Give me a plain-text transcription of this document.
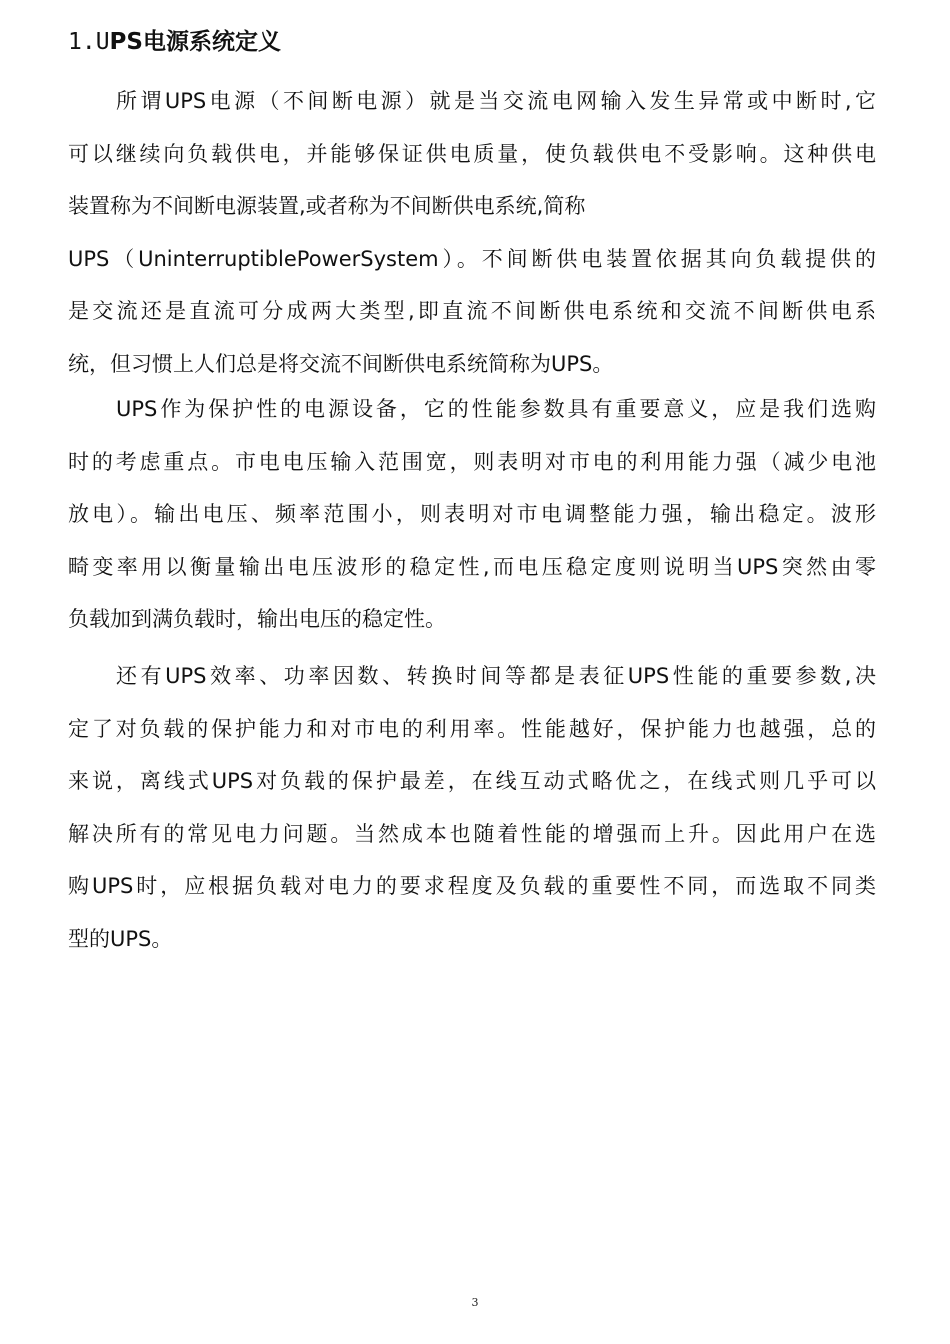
1.UPS电源系统定义
所谓UPS电源（不间断电源）就是当交流电网输入发生异常或中断时,它
可以继续向负载供电，并能够保证供电质量，使负载供电不受影响。这种供电
装置称为不间断电源装置,或者称为不间断供电系统,简称
UPS（UninterruptiblePowerSystem）。不间断供电装置依据其向负载提供的
是交流还是直流可分成两大类型,即直流不间断供电系统和交流不间断供电系
统，但习惯上人们总是将交流不间断供电系统简称为UPS。
UPS作为保护性的电源设备，它的性能参数具有重要意义，应是我们选购
时的考虑重点。市电电压输入范围宽，则表明对市电的利用能力强（减少电池
放电）。输出电压、频率范围小，则表明对市电调整能力强，输出稳定。波形
畸变率用以衡量输出电压波形的稳定性,而电压稳定度则说明当UPS突然由零
负载加到满负载时，输出电压的稳定性。
还有UPS效率、功率因数、转换时间等都是表征UPS性能的重要参数,决
定了对负载的保护能力和对市电的利用率。性能越好，保护能力也越强，总的
来说，离线式UPS对负载的保护最差，在线互动式略优之，在线式则几乎可以
解决所有的常见电力问题。当然成本也随着性能的增强而上升。因此用户在选
购UPS时，应根据负载对电力的要求程度及负载的重要性不同，而选取不同类
型的UPS。
3
